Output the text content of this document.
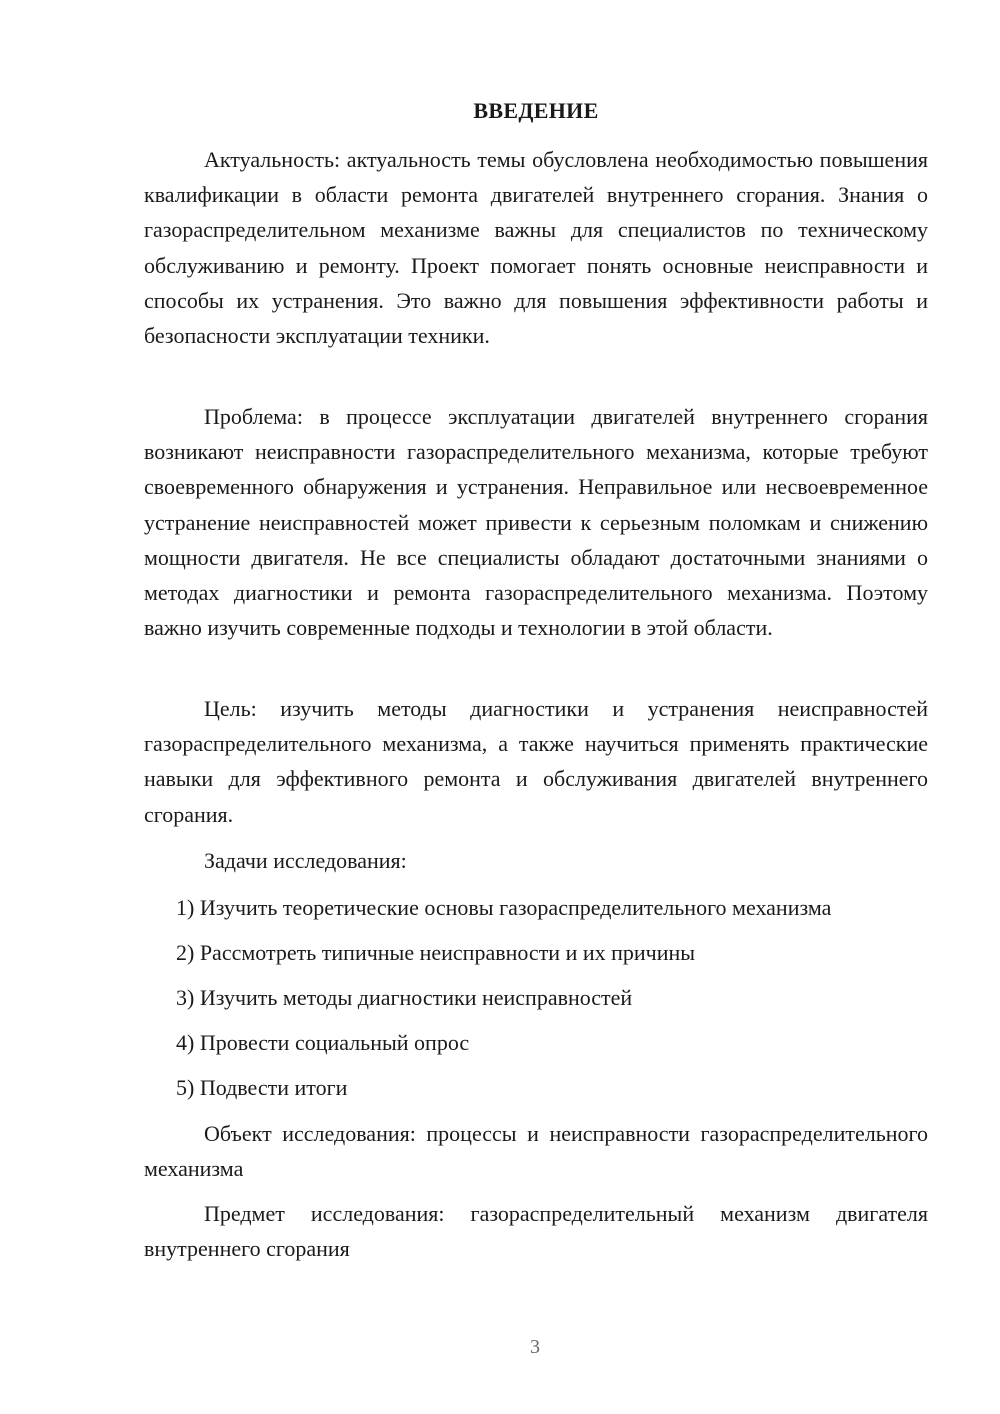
ВВЕДЕНИЕ

Актуальность: актуальность темы обусловлена необходимостью повышения квалификации в области ремонта двигателей внутреннего сгорания. Знания о газораспределительном механизме важны для специалистов по техническому обслуживанию и ремонту. Проект помогает понять основные неисправности и способы их устранения. Это важно для повышения эффективности работы и безопасности эксплуатации техники.

Проблема: в процессе эксплуатации двигателей внутреннего сгорания возникают неисправности газораспределительного механизма, которые требуют своевременного обнаружения и устранения. Неправильное или несвоевременное устранение неисправностей может привести к серьезным поломкам и снижению мощности двигателя. Не все специалисты обладают достаточными знаниями о методах диагностики и ремонта газораспределительного механизма. Поэтому важно изучить современные подходы и технологии в этой области.

Цель: изучить методы диагностики и устранения неисправностей газораспределительного механизма, а также научиться применять практические навыки для эффективного ремонта и обслуживания двигателей внутреннего сгорания.

Задачи исследования:

1) Изучить теоретические основы газораспределительного механизма
2) Рассмотреть типичные неисправности и их причины
3) Изучить методы диагностики неисправностей
4) Провести социальный опрос
5) Подвести итоги

Объект исследования: процессы и неисправности газораспределительного механизма

Предмет исследования: газораспределительный механизм двигателя внутреннего сгорания

3
